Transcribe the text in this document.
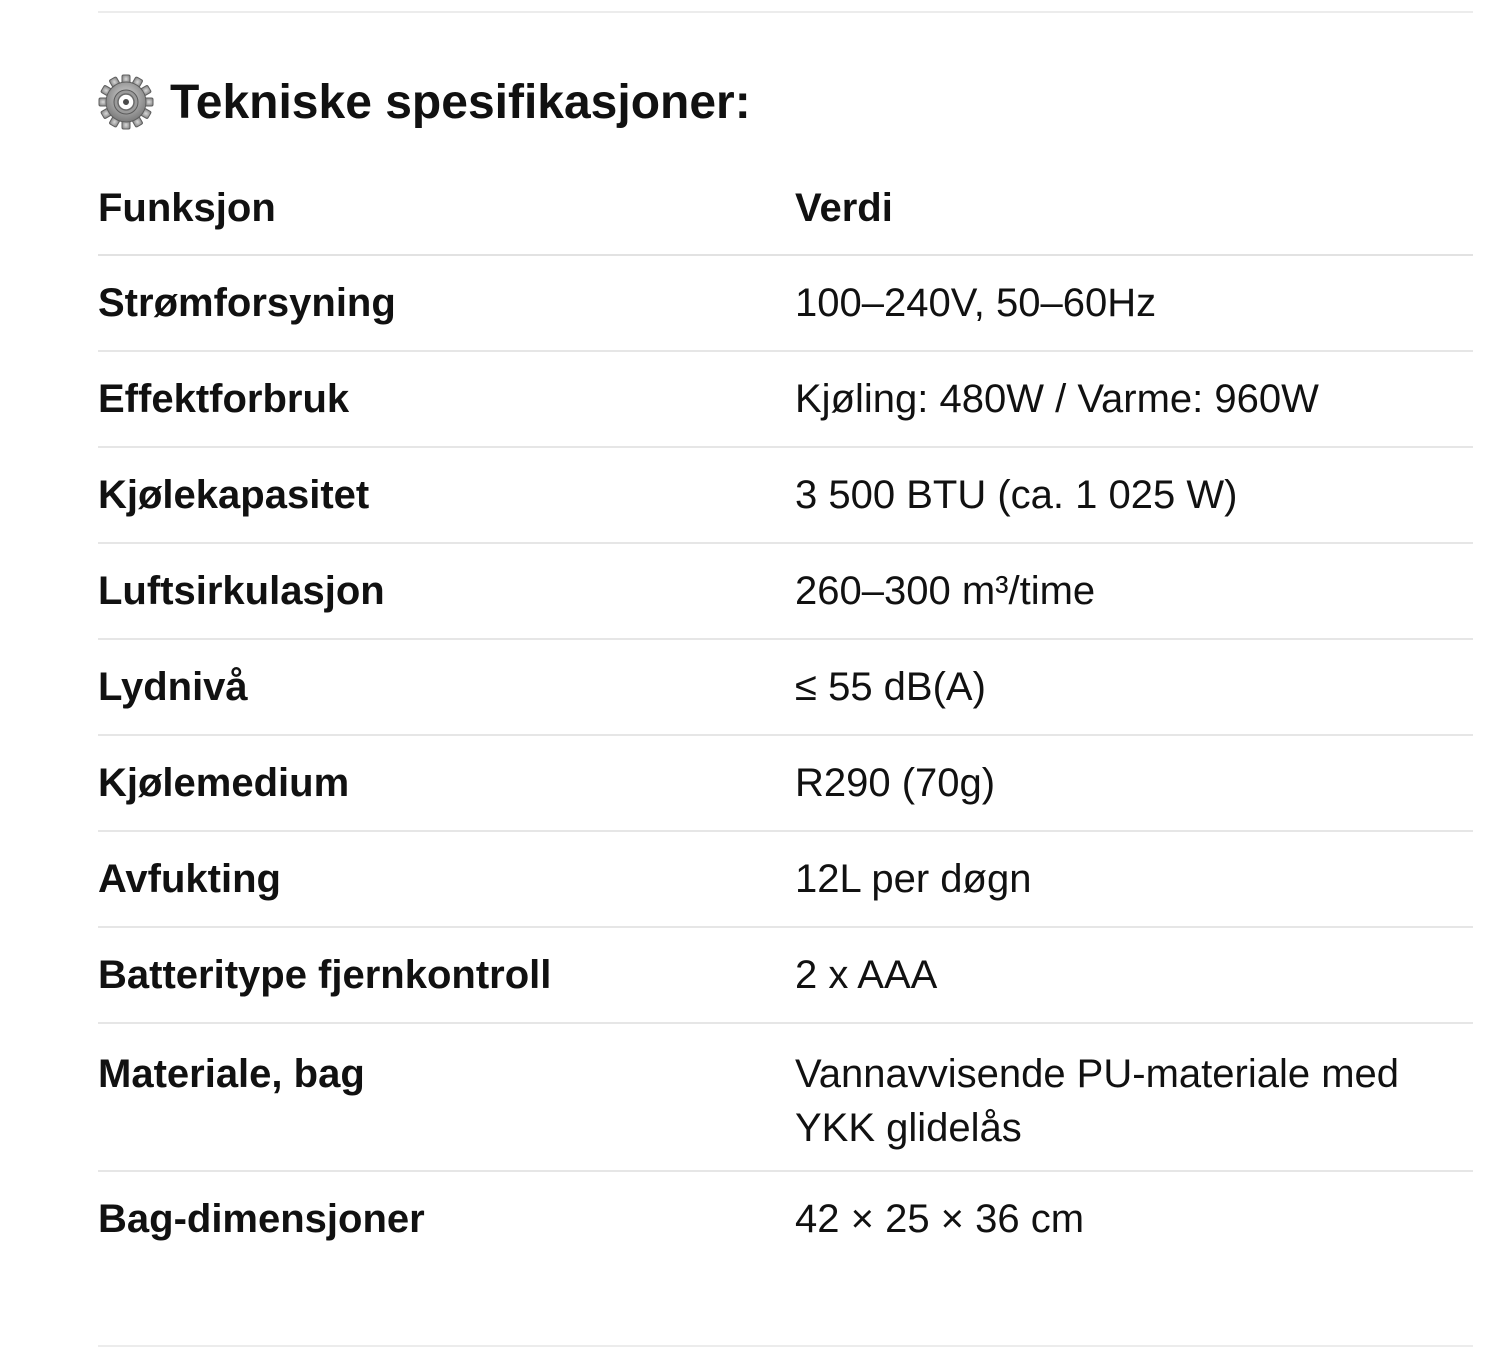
Tekniske spesifikasjoner:
Funksjon	Verdi
Strømforsyning	100–240V, 50–60Hz
Effektforbruk	Kjøling: 480W / Varme: 960W
Kjølekapasitet	3 500 BTU (ca. 1 025 W)
Luftsirkulasjon	260–300 m³/time
Lydnivå	≤ 55 dB(A)
Kjølemedium	R290 (70g)
Avfukting	12L per døgn
Batteritype fjernkontroll	2 x AAA
Materiale, bag	Vannavvisende PU-materiale med YKK glidelås
Bag-dimensjoner	42 × 25 × 36 cm
